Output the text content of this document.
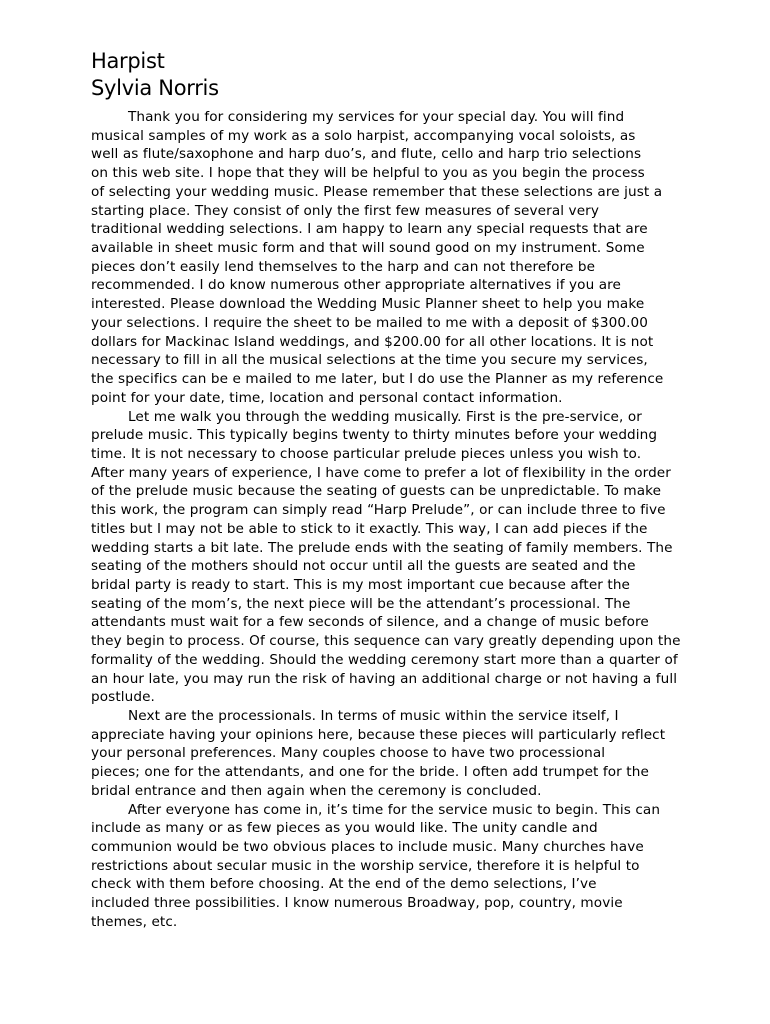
Harpist
Sylvia Norris

Thank you for considering my services for your special day. You will find
musical samples of my work as a solo harpist, accompanying vocal soloists, as
well as flute/saxophone and harp duo’s, and flute, cello and harp trio selections
on this web site. I hope that they will be helpful to you as you begin the process
of selecting your wedding music. Please remember that these selections are just a
starting place. They consist of only the first few measures of several very
traditional wedding selections. I am happy to learn any special requests that are
available in sheet music form and that will sound good on my instrument. Some
pieces don’t easily lend themselves to the harp and can not therefore be
recommended. I do know numerous other appropriate alternatives if you are
interested. Please download the Wedding Music Planner sheet to help you make
your selections. I require the sheet to be mailed to me with a deposit of $300.00
dollars for Mackinac Island weddings, and $200.00 for all other locations. It is not
necessary to fill in all the musical selections at the time you secure my services,
the specifics can be e mailed to me later, but I do use the Planner as my reference
point for your date, time, location and personal contact information.

Let me walk you through the wedding musically. First is the pre-service, or
prelude music. This typically begins twenty to thirty minutes before your wedding
time. It is not necessary to choose particular prelude pieces unless you wish to.
After many years of experience, I have come to prefer a lot of flexibility in the order
of the prelude music because the seating of guests can be unpredictable. To make
this work, the program can simply read “Harp Prelude”, or can include three to five
titles but I may not be able to stick to it exactly. This way, I can add pieces if the
wedding starts a bit late. The prelude ends with the seating of family members. The
seating of the mothers should not occur until all the guests are seated and the
bridal party is ready to start. This is my most important cue because after the
seating of the mom’s, the next piece will be the attendant’s processional. The
attendants must wait for a few seconds of silence, and a change of music before
they begin to process. Of course, this sequence can vary greatly depending upon the
formality of the wedding. Should the wedding ceremony start more than a quarter of
an hour late, you may run the risk of having an additional charge or not having a full
postlude.

Next are the processionals. In terms of music within the service itself, I
appreciate having your opinions here, because these pieces will particularly reflect
your personal preferences. Many couples choose to have two processional
pieces; one for the attendants, and one for the bride. I often add trumpet for the
bridal entrance and then again when the ceremony is concluded.

After everyone has come in, it’s time for the service music to begin. This can
include as many or as few pieces as you would like. The unity candle and
communion would be two obvious places to include music. Many churches have
restrictions about secular music in the worship service, therefore it is helpful to
check with them before choosing. At the end of the demo selections, I’ve
included three possibilities. I know numerous Broadway, pop, country, movie
themes, etc.
